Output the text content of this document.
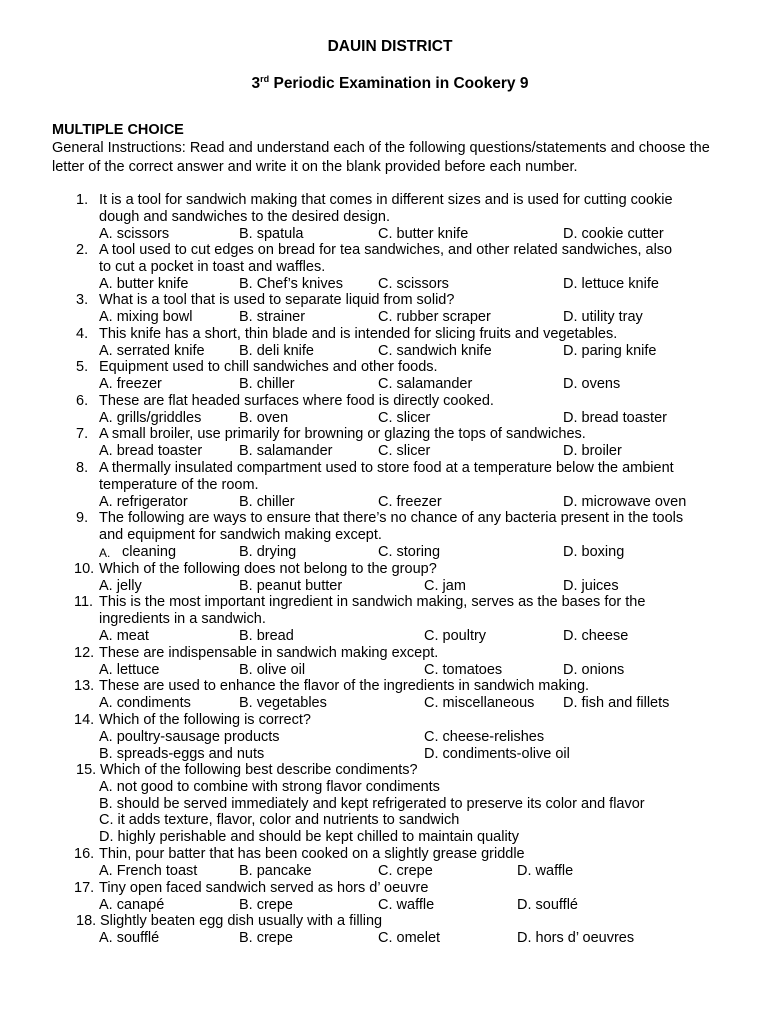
DAUIN DISTRICT
3rd Periodic Examination in Cookery 9
MULTIPLE CHOICE
General Instructions: Read and understand each of the following questions/statements and choose the letter of the correct answer and write it on the blank provided before each number.
1. It is a tool for sandwich making that comes in different sizes and is used for cutting cookie
dough and sandwiches to the desired design.
A. scissors	B. spatula	C. butter knife	D. cookie cutter
2. A tool used to cut edges on bread for tea sandwiches, and other related sandwiches, also
to cut a pocket in toast and waffles.
A. butter knife	B. Chef’s knives C. scissors	D. lettuce knife
3. What is a tool that is used to separate liquid from solid?
A. mixing bowl	B. strainer	C. rubber scraper	D. utility tray
4. This knife has a short, thin blade and is intended for slicing fruits and vegetables.
A. serrated knife B. deli knife	C. sandwich knife	D. paring knife
5. Equipment used to chill sandwiches and other foods.
A. freezer	B. chiller	C. salamander	D. ovens
6. These are flat headed surfaces where food is directly cooked.
A. grills/griddles	B. oven	C. slicer	D. bread toaster
7. A small broiler, use primarily for browning or glazing the tops of sandwiches.
A. bread toaster	B. salamander	C. slicer	D. broiler
8. A thermally insulated compartment used to store food at a temperature below the ambient
temperature of the room.
A. refrigerator	B. chiller	C. freezer	D. microwave oven
9. The following are ways to ensure that there’s no chance of any bacteria present in the tools
and equipment for sandwich making except.
A. cleaning	B. drying	C. storing	D. boxing
10. Which of the following does not belong to the group?
A. jelly	B. peanut butter	C. jam	D. juices
11. This is the most important ingredient in sandwich making, serves as the bases for the
ingredients in a sandwich.
A. meat	B. bread	C. poultry	D. cheese
12. These are indispensable in sandwich making except.
A. lettuce	B. olive oil	C. tomatoes	D. onions
13. These are used to enhance the flavor of the ingredients in sandwich making.
A. condiments	B. vegetables	C. miscellaneous D. fish and fillets
14. Which of the following is correct?
A. poultry-sausage products	C. cheese-relishes
B. spreads-eggs and nuts	D. condiments-olive oil
15. Which of the following best describe condiments?
A. not good to combine with strong flavor condiments
B. should be served immediately and kept refrigerated to preserve its color and flavor
C. it adds texture, flavor, color and nutrients to sandwich
D. highly perishable and should be kept chilled to maintain quality
16. Thin, pour batter that has been cooked on a slightly grease griddle
A. French toast	B. pancake	C. crepe	D. waffle
17. Tiny open faced sandwich served as hors d’ oeuvre
A. canapé	B. crepe	C. waffle	D. soufflé
18. Slightly beaten egg dish usually with a filling
A. soufflé	B. crepe	C. omelet	D. hors d’ oeuvres
